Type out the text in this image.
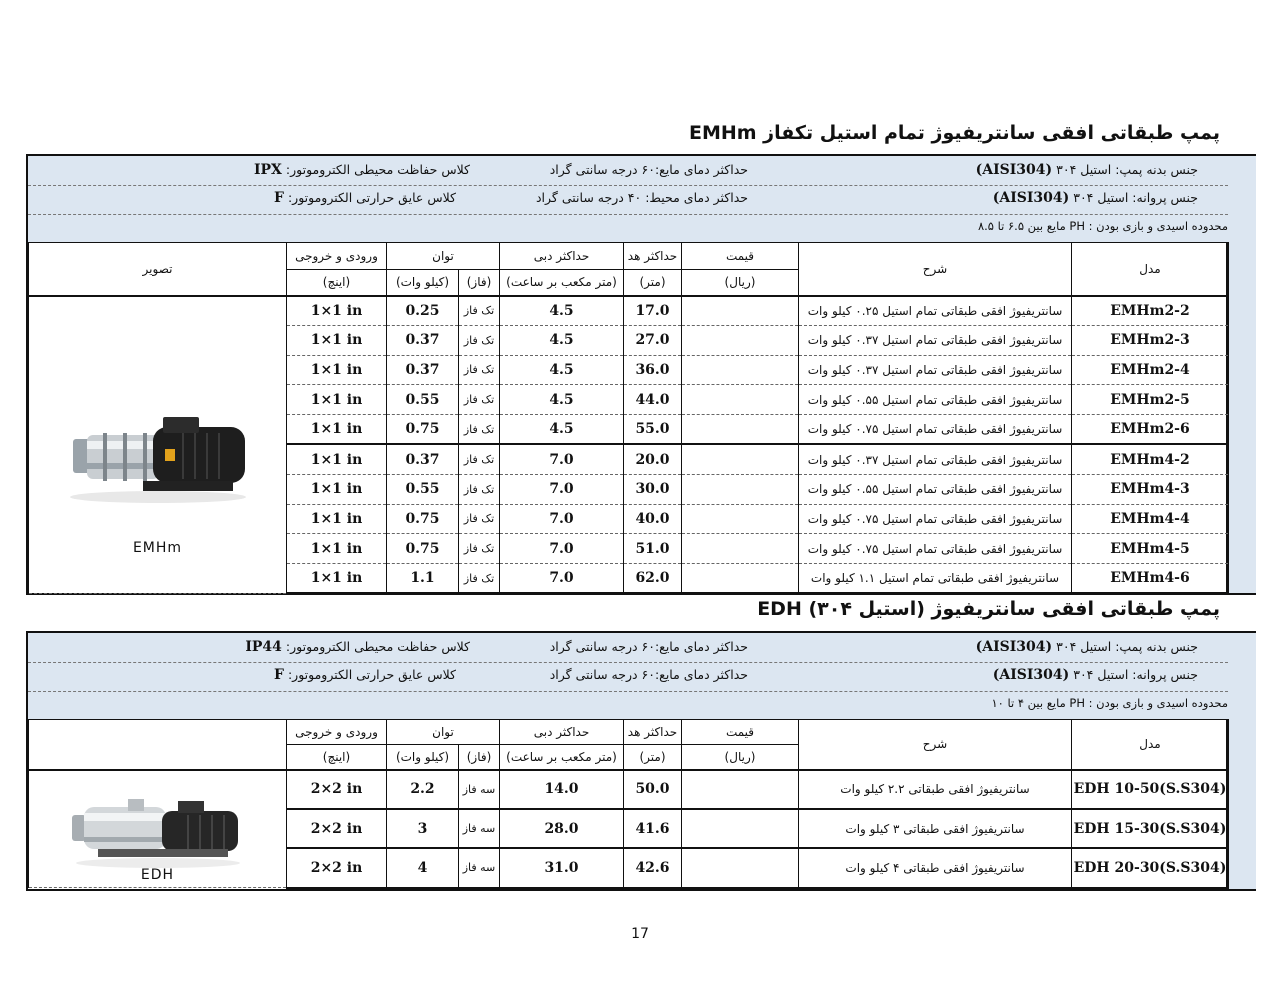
پمپ طبقاتی افقی سانتریفیوژ تمام استیل تکفاز EMHm
جنس بدنه پمپ: استیل ۳۰۴ (AISI304)
حداکثر دمای مایع:۶۰ درجه سانتی گراد
کلاس حفاظت محیطی الکتروموتور: IPX
جنس پروانه: استیل ۳۰۴ (AISI304)
حداکثر دمای محیط: ۴۰ درجه سانتی گراد
کلاس عایق حرارتی الکتروموتور: F
محدوده اسیدی و بازی بودن : PH مایع بین ۶.۵ تا ۸.۵
تصویر	ورودی و خروجی	توان		حداکثر دبی	حداکثر هد	قیمت	شرح	مدل
	(اینچ)	(کیلو وات)	(فاز)	(متر مکعب بر ساعت)	(متر)	(ریال)		

EMHm	1×1 in	0.25	تک فاز	4.5	17.0		سانتریفیوژ افقی طبقاتی تمام استیل ۰.۲۵ کیلو وات	EMHm2-2
	1×1 in	0.37	تک فاز	4.5	27.0		سانتریفیوژ افقی طبقاتی تمام استیل ۰.۳۷ کیلو وات	EMHm2-3
	1×1 in	0.37	تک فاز	4.5	36.0		سانتریفیوژ افقی طبقاتی تمام استیل ۰.۳۷ کیلو وات	EMHm2-4
	1×1 in	0.55	تک فاز	4.5	44.0		سانتریفیوژ افقی طبقاتی تمام استیل ۰.۵۵ کیلو وات	EMHm2-5
	1×1 in	0.75	تک فاز	4.5	55.0		سانتریفیوژ افقی طبقاتی تمام استیل ۰.۷۵ کیلو وات	EMHm2-6
	1×1 in	0.37	تک فاز	7.0	20.0		سانتریفیوژ افقی طبقاتی تمام استیل ۰.۳۷ کیلو وات	EMHm4-2
	1×1 in	0.55	تک فاز	7.0	30.0		سانتریفیوژ افقی طبقاتی تمام استیل ۰.۵۵ کیلو وات	EMHm4-3
	1×1 in	0.75	تک فاز	7.0	40.0		سانتریفیوژ افقی طبقاتی تمام استیل ۰.۷۵ کیلو وات	EMHm4-4
	1×1 in	0.75	تک فاز	7.0	51.0		سانتریفیوژ افقی طبقاتی تمام استیل ۰.۷۵ کیلو وات	EMHm4-5
	1×1 in	1.1	تک فاز	7.0	62.0		سانتریفیوژ افقی طبقاتی تمام استیل ۱.۱ کیلو وات	EMHm4-6
پمپ طبقاتی افقی سانتریفیوژ (استیل ۳۰۴) EDH
جنس بدنه پمپ: استیل ۳۰۴ (AISI304)
حداکثر دمای مایع:۶۰ درجه سانتی گراد
کلاس حفاظت محیطی الکتروموتور: IP44
جنس پروانه: استیل ۳۰۴ (AISI304)
حداکثر دمای مایع:۶۰ درجه سانتی گراد
کلاس عایق حرارتی الکتروموتور: F
محدوده اسیدی و بازی بودن : PH مایع بین ۴ تا ۱۰
	ورودی و خروجی	توان		حداکثر دبی	حداکثر هد	قیمت	شرح	مدل
	(اینچ)	(کیلو وات)	(فاز)	(متر مکعب بر ساعت)	(متر)	(ریال)		

EDH	2×2 in	2.2	سه فاز	14.0	50.0		سانتریفیوژ افقی طبقاتی ۲.۲ کیلو وات	EDH 10-50(S.S304)
	2×2 in	3	سه فاز	28.0	41.6		سانتریفیوژ افقی طبقاتی ۳ کیلو وات	EDH 15-30(S.S304)
	2×2 in	4	سه فاز	31.0	42.6		سانتریفیوژ افقی طبقاتی ۴ کیلو وات	EDH 20-30(S.S304)
17
